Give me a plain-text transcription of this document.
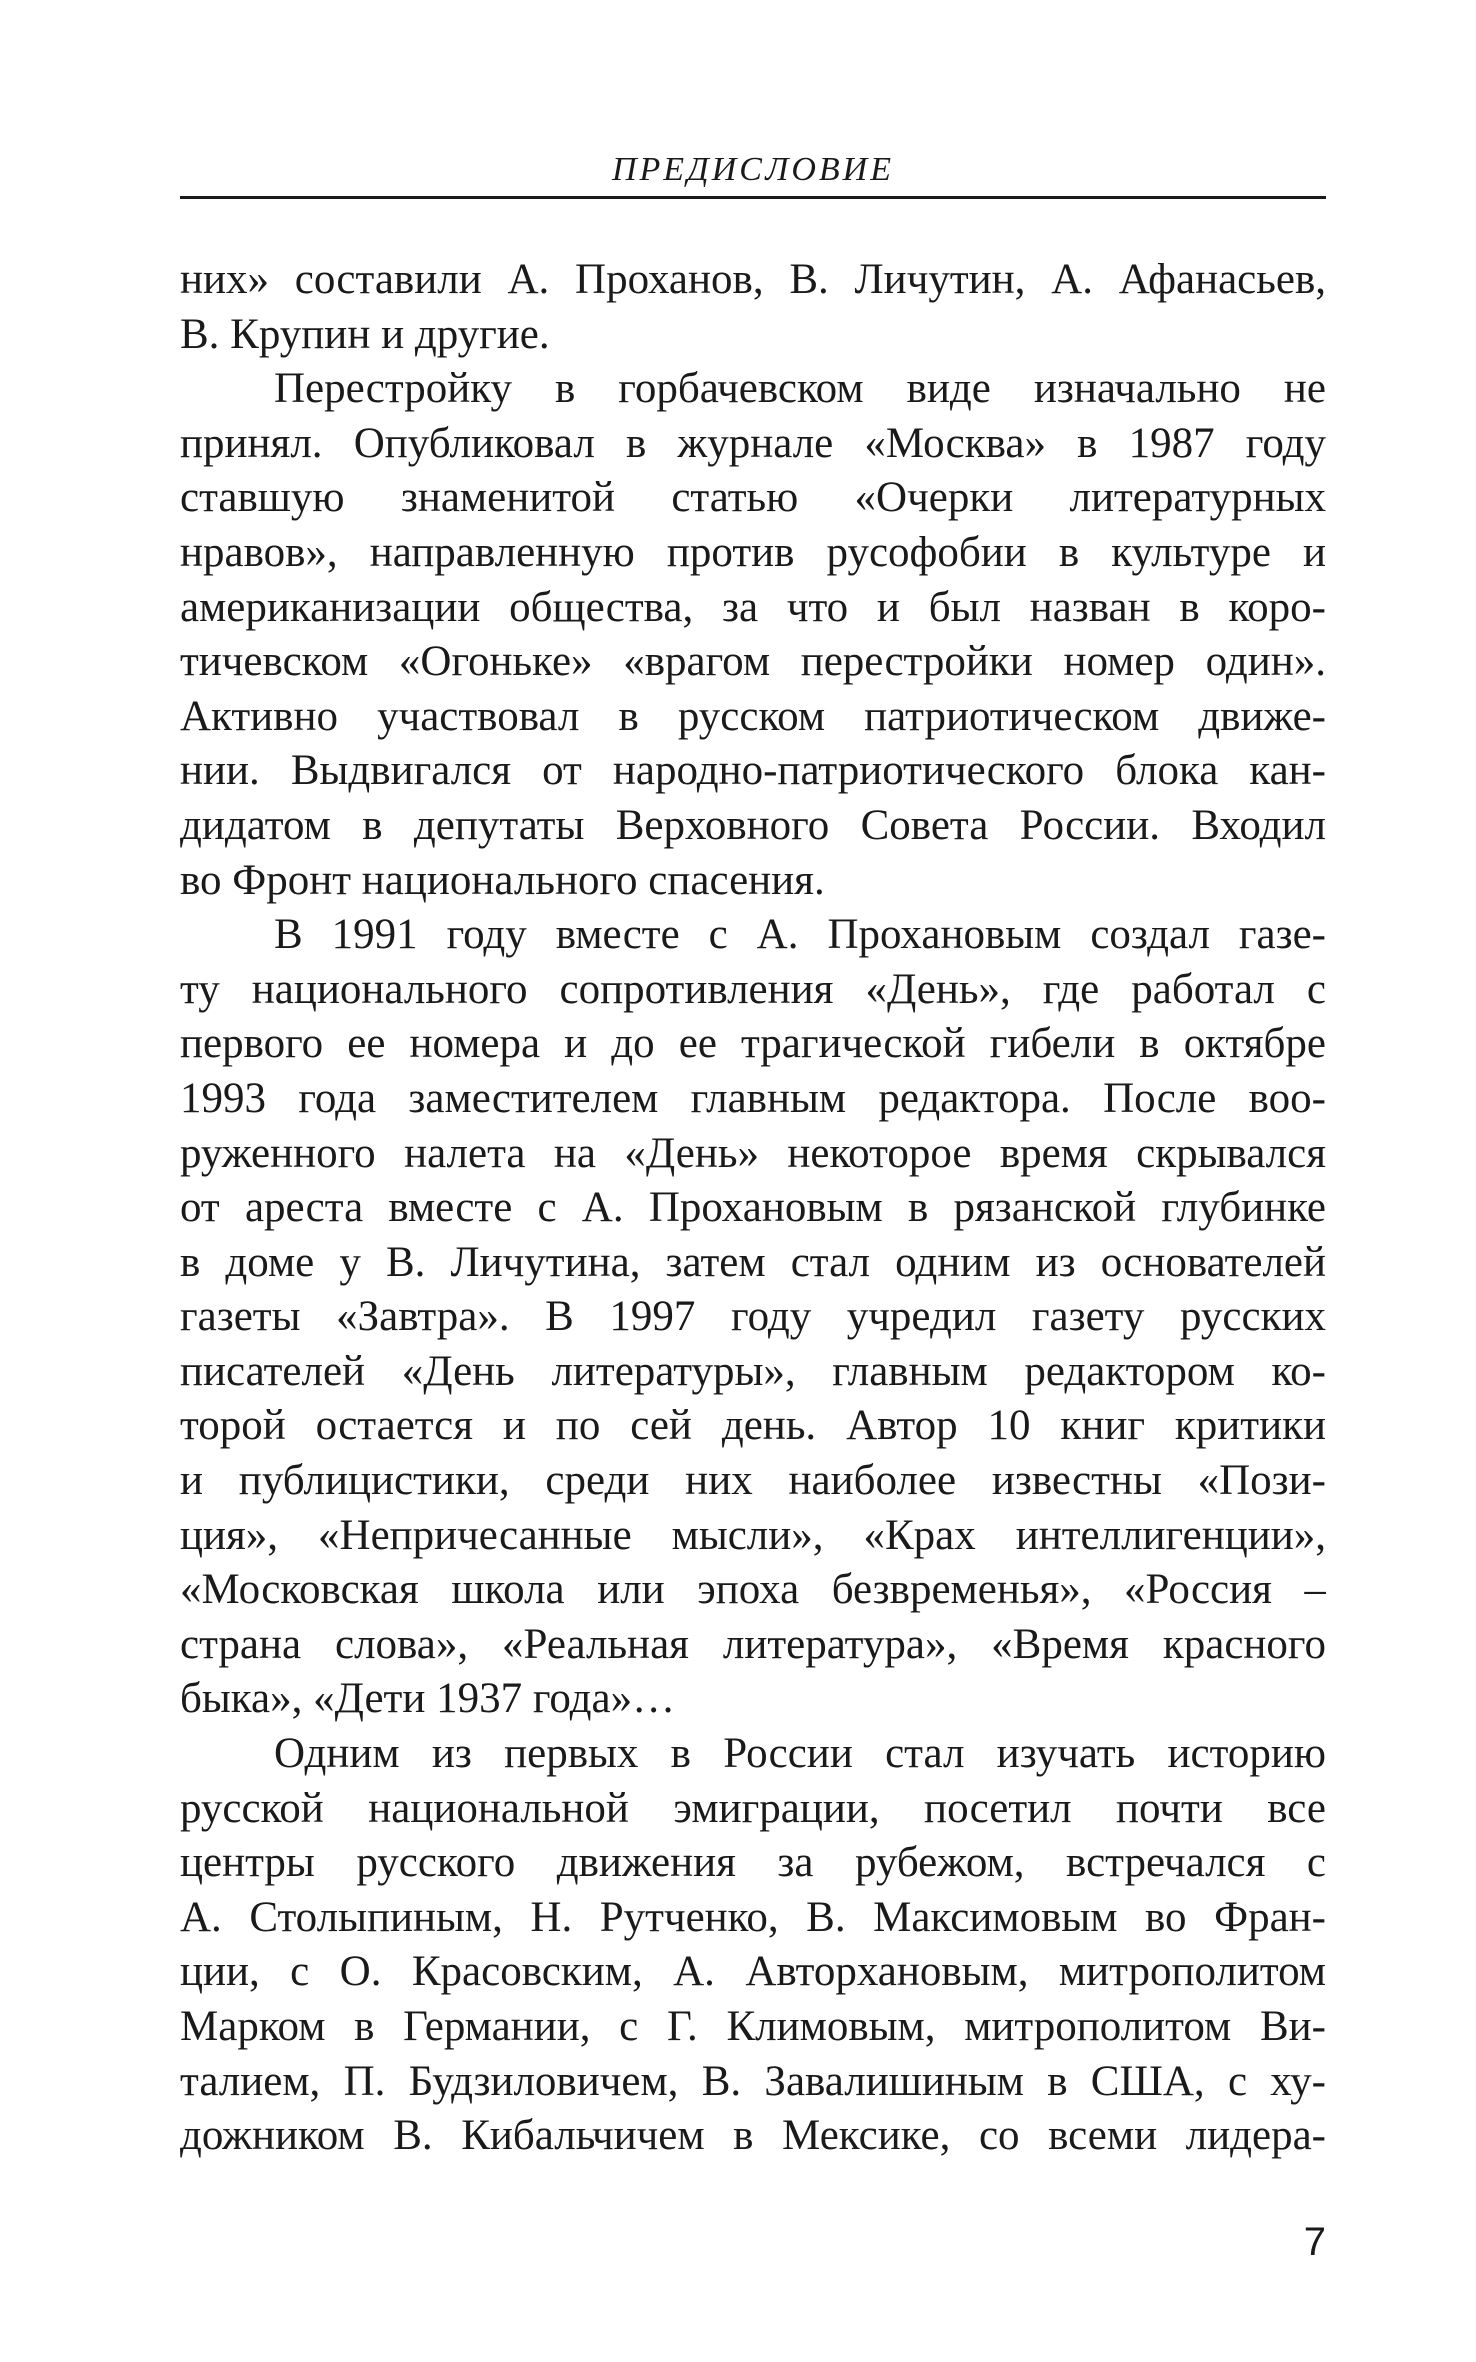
ПРЕДИСЛОВИЕ
них» составили А. Проханов, В. Личутин, А. Афанасьев,
В. Крупин и другие.
Перестройку в горбачевском виде изначально не
принял. Опубликовал в журнале «Москва» в 1987 году
ставшую знаменитой статью «Очерки литературных
нравов», направленную против русофобии в культуре и
американизации общества, за что и был назван в коро-
тичевском «Огоньке» «врагом перестройки номер один».
Активно участвовал в русском патриотическом движе-
нии. Выдвигался от народно-патриотического блока кан-
дидатом в депутаты Верховного Совета России. Входил
во Фронт национального спасения.
В 1991 году вместе с А. Прохановым создал газе-
ту национального сопротивления «День», где работал с
первого ее номера и до ее трагической гибели в октябре
1993 года заместителем главным редактора. После воо-
руженного налета на «День» некоторое время скрывался
от ареста вместе с А. Прохановым в рязанской глубинке
в доме у В. Личутина, затем стал одним из основателей
газеты «Завтра». В 1997 году учредил газету русских
писателей «День литературы», главным редактором ко-
торой остается и по сей день. Автор 10 книг критики
и публицистики, среди них наиболее известны «Пози-
ция», «Непричесанные мысли», «Крах интеллигенции»,
«Московская школа или эпоха безвременья», «Россия –
страна слова», «Реальная литература», «Время красного
быка», «Дети 1937 года»…
Одним из первых в России стал изучать историю
русской национальной эмиграции, посетил почти все
центры русского движения за рубежом, встречался с
А. Столыпиным, Н. Рутченко, В. Максимовым во Фран-
ции, с О. Красовским, А. Авторхановым, митрополитом
Марком в Германии, с Г. Климовым, митрополитом Ви-
талием, П. Будзиловичем, В. Завалишиным в США, с ху-
дожником В. Кибальчичем в Мексике, со всеми лидера-
7
